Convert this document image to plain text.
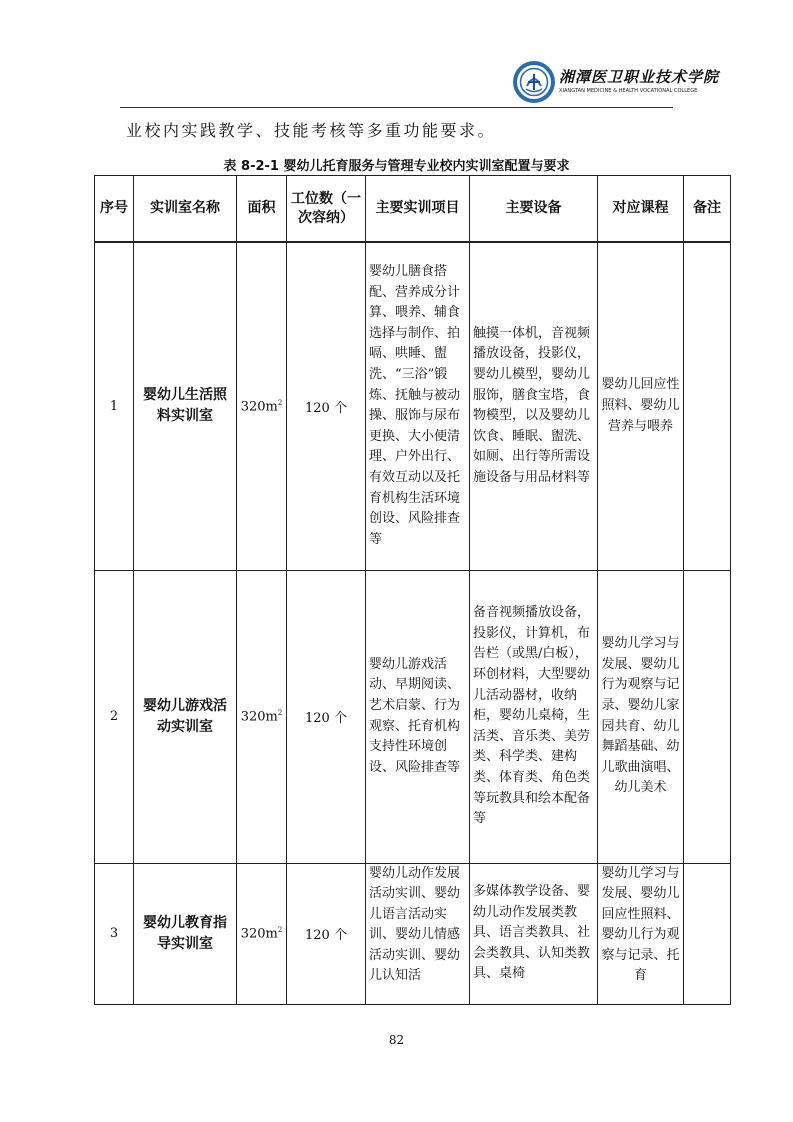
湘潭医卫职业技术学院
XIANGTAN MEDICINE & HEALTH VOCATIONAL COLLEGE
业校内实践教学、技能考核等多重功能要求。
表 8-2-1 婴幼儿托育服务与管理专业校内实训室配置与要求
序号	实训室名称	面积	工位数（一次容纳）	主要实训项目	主要设备	对应课程	备注
1	婴幼儿生活照料实训室	$320m^2$	120 个	婴幼儿膳食搭配、营养成分计算、喂养、辅食选择与制作、拍嗝、哄睡、盥洗、“三浴”锻炼、抚触与被动操、服饰与尿布更换、大小便清理、户外出行、有效互动以及托育机构生活环境创设、风险排查等	触摸一体机，音视频播放设备，投影仪，婴幼儿模型，婴幼儿服饰，膳食宝塔，食物模型，以及婴幼儿饮食、睡眠、盥洗、如厕、出行等所需设施设备与用品材料等	婴幼儿回应性照料、婴幼儿营养与喂养	
2	婴幼儿游戏活动实训室	$320m^2$	120 个	婴幼儿游戏活动、早期阅读、艺术启蒙、行为观察、托育机构支持性环境创设、风险排查等	备音视频播放设备，投影仪，计算机，布告栏（或黑/白板），环创材料，大型婴幼儿活动器材，收纳柜，婴幼儿桌椅，生活类、音乐类、美劳类、科学类、建构类、体育类、角色类等玩教具和绘本配备等	婴幼儿学习与发展、婴幼儿行为观察与记录、婴幼儿家园共育、幼儿舞蹈基础、幼儿歌曲演唱、幼儿美术	
3	婴幼儿教育指导实训室	$320m^2$	120 个	婴幼儿动作发展活动实训、婴幼儿语言活动实训、婴幼儿情感活动实训、婴幼儿认知活	多媒体教学设备、婴幼儿动作发展类教具、语言类教具、社会类教具、认知类教具、桌椅	婴幼儿学习与发展、婴幼儿回应性照料、婴幼儿行为观察与记录、托育	
82
